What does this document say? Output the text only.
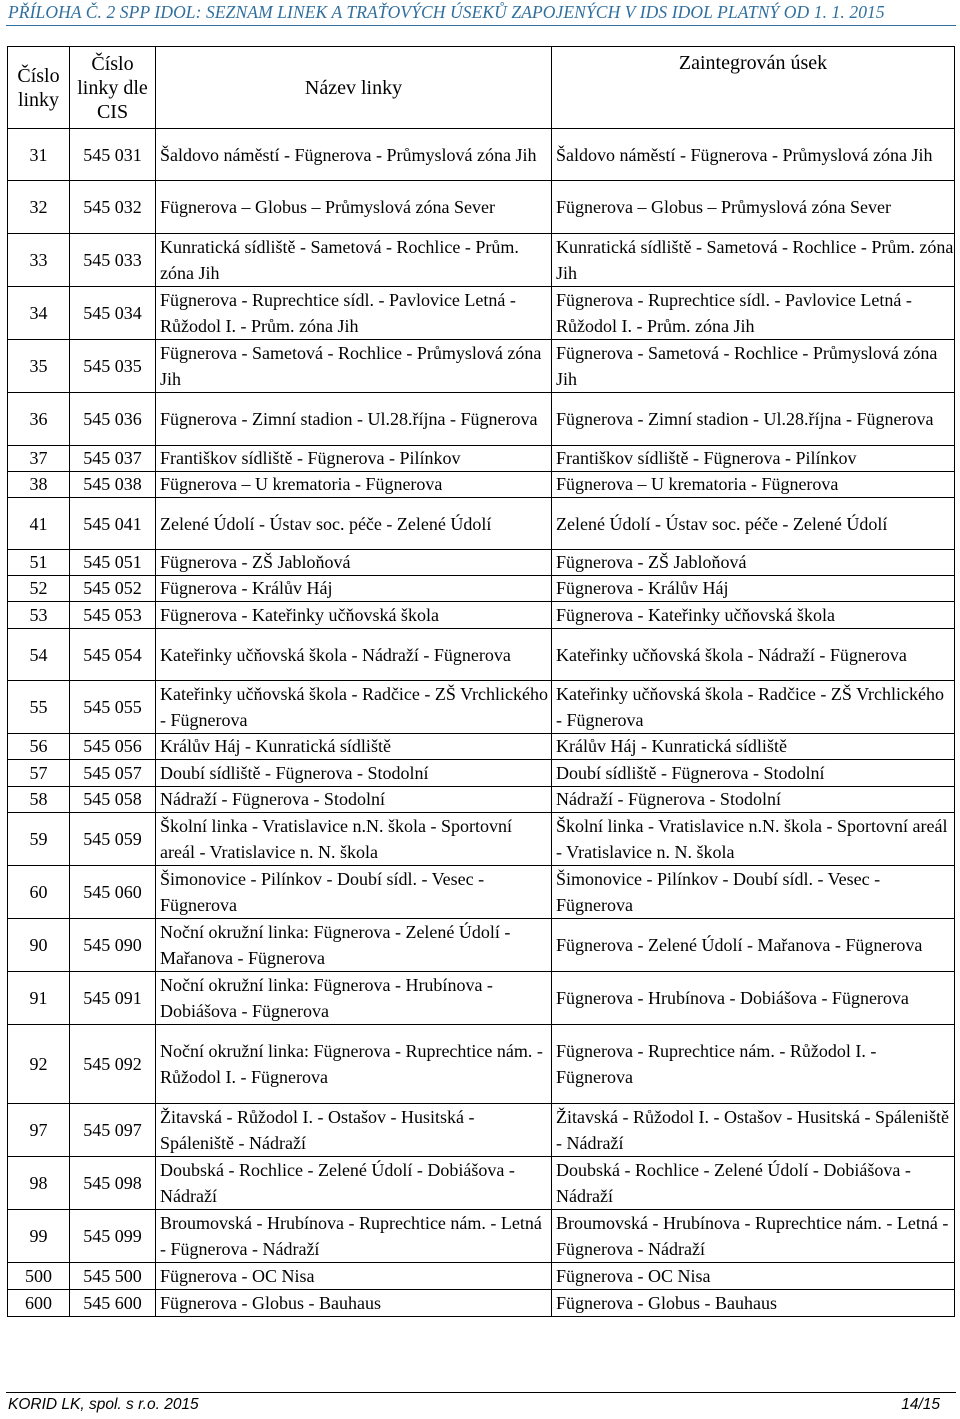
PŘÍLOHA Č. 2 SPP IDOL: SEZNAM LINEK A TRAŤOVÝCH ÚSEKŮ ZAPOJENÝCH V IDS IDOL PLATNÝ OD 1. 1. 2015
Číslo linky	Číslo linky dle CIS	Název linky	Zaintegrován úsek
31	545 031	Šaldovo náměstí - Fügnerova - Průmyslová zóna Jih	Šaldovo náměstí - Fügnerova - Průmyslová zóna Jih
32	545 032	Fügnerova – Globus – Průmyslová zóna Sever	Fügnerova – Globus – Průmyslová zóna Sever
33	545 033	Kunratická sídliště - Sametová - Rochlice - Prům. zóna Jih	Kunratická sídliště - Sametová - Rochlice - Prům. zóna Jih
34	545 034	Fügnerova - Ruprechtice sídl. - Pavlovice Letná - Růžodol I. - Prům. zóna Jih	Fügnerova - Ruprechtice sídl. - Pavlovice Letná - Růžodol I. - Prům. zóna Jih
35	545 035	Fügnerova - Sametová - Rochlice - Průmyslová zóna Jih	Fügnerova - Sametová - Rochlice - Průmyslová zóna Jih
36	545 036	Fügnerova - Zimní stadion - Ul.28.října - Fügnerova	Fügnerova - Zimní stadion - Ul.28.října - Fügnerova
37	545 037	Františkov sídliště - Fügnerova - Pilínkov	Františkov sídliště - Fügnerova - Pilínkov
38	545 038	Fügnerova – U krematoria - Fügnerova	Fügnerova – U krematoria - Fügnerova
41	545 041	Zelené Údolí - Ústav soc. péče - Zelené Údolí	Zelené Údolí - Ústav soc. péče - Zelené Údolí
51	545 051	Fügnerova - ZŠ Jabloňová	Fügnerova - ZŠ Jabloňová
52	545 052	Fügnerova - Králův Háj	Fügnerova - Králův Háj
53	545 053	Fügnerova - Kateřinky učňovská škola	Fügnerova - Kateřinky učňovská škola
54	545 054	Kateřinky učňovská škola - Nádraží - Fügnerova	Kateřinky učňovská škola - Nádraží - Fügnerova
55	545 055	Kateřinky učňovská škola - Radčice - ZŠ Vrchlického - Fügnerova	Kateřinky učňovská škola - Radčice - ZŠ Vrchlického - Fügnerova
56	545 056	Králův Háj - Kunratická sídliště	Králův Háj - Kunratická sídliště
57	545 057	Doubí sídliště - Fügnerova - Stodolní	Doubí sídliště - Fügnerova - Stodolní
58	545 058	Nádraží - Fügnerova - Stodolní	Nádraží - Fügnerova - Stodolní
59	545 059	Školní linka - Vratislavice n.N. škola - Sportovní areál - Vratislavice n. N. škola	Školní linka - Vratislavice n.N. škola - Sportovní areál - Vratislavice n. N. škola
60	545 060	Šimonovice - Pilínkov - Doubí sídl. - Vesec - Fügnerova	Šimonovice - Pilínkov - Doubí sídl. - Vesec - Fügnerova
90	545 090	Noční okružní linka: Fügnerova - Zelené Údolí - Mařanova - Fügnerova	Fügnerova - Zelené Údolí - Mařanova - Fügnerova
91	545 091	Noční okružní linka: Fügnerova - Hrubínova - Dobiášova - Fügnerova	Fügnerova - Hrubínova - Dobiášova - Fügnerova
92	545 092	Noční okružní linka: Fügnerova - Ruprechtice nám. - Růžodol I. - Fügnerova	Fügnerova - Ruprechtice nám. - Růžodol I. - Fügnerova
97	545 097	Žitavská - Růžodol I. - Ostašov - Husitská - Spáleniště - Nádraží	Žitavská - Růžodol I. - Ostašov - Husitská - Spáleniště - Nádraží
98	545 098	Doubská - Rochlice - Zelené Údolí - Dobiášova - Nádraží	Doubská - Rochlice - Zelené Údolí - Dobiášova - Nádraží
99	545 099	Broumovská - Hrubínova - Ruprechtice nám. - Letná - Fügnerova - Nádraží	Broumovská - Hrubínova - Ruprechtice nám. - Letná - Fügnerova - Nádraží
500	545 500	Fügnerova - OC Nisa	Fügnerova - OC Nisa
600	545 600	Fügnerova - Globus - Bauhaus	Fügnerova - Globus - Bauhaus
KORID LK, spol. s r.o. 2015	14/15
